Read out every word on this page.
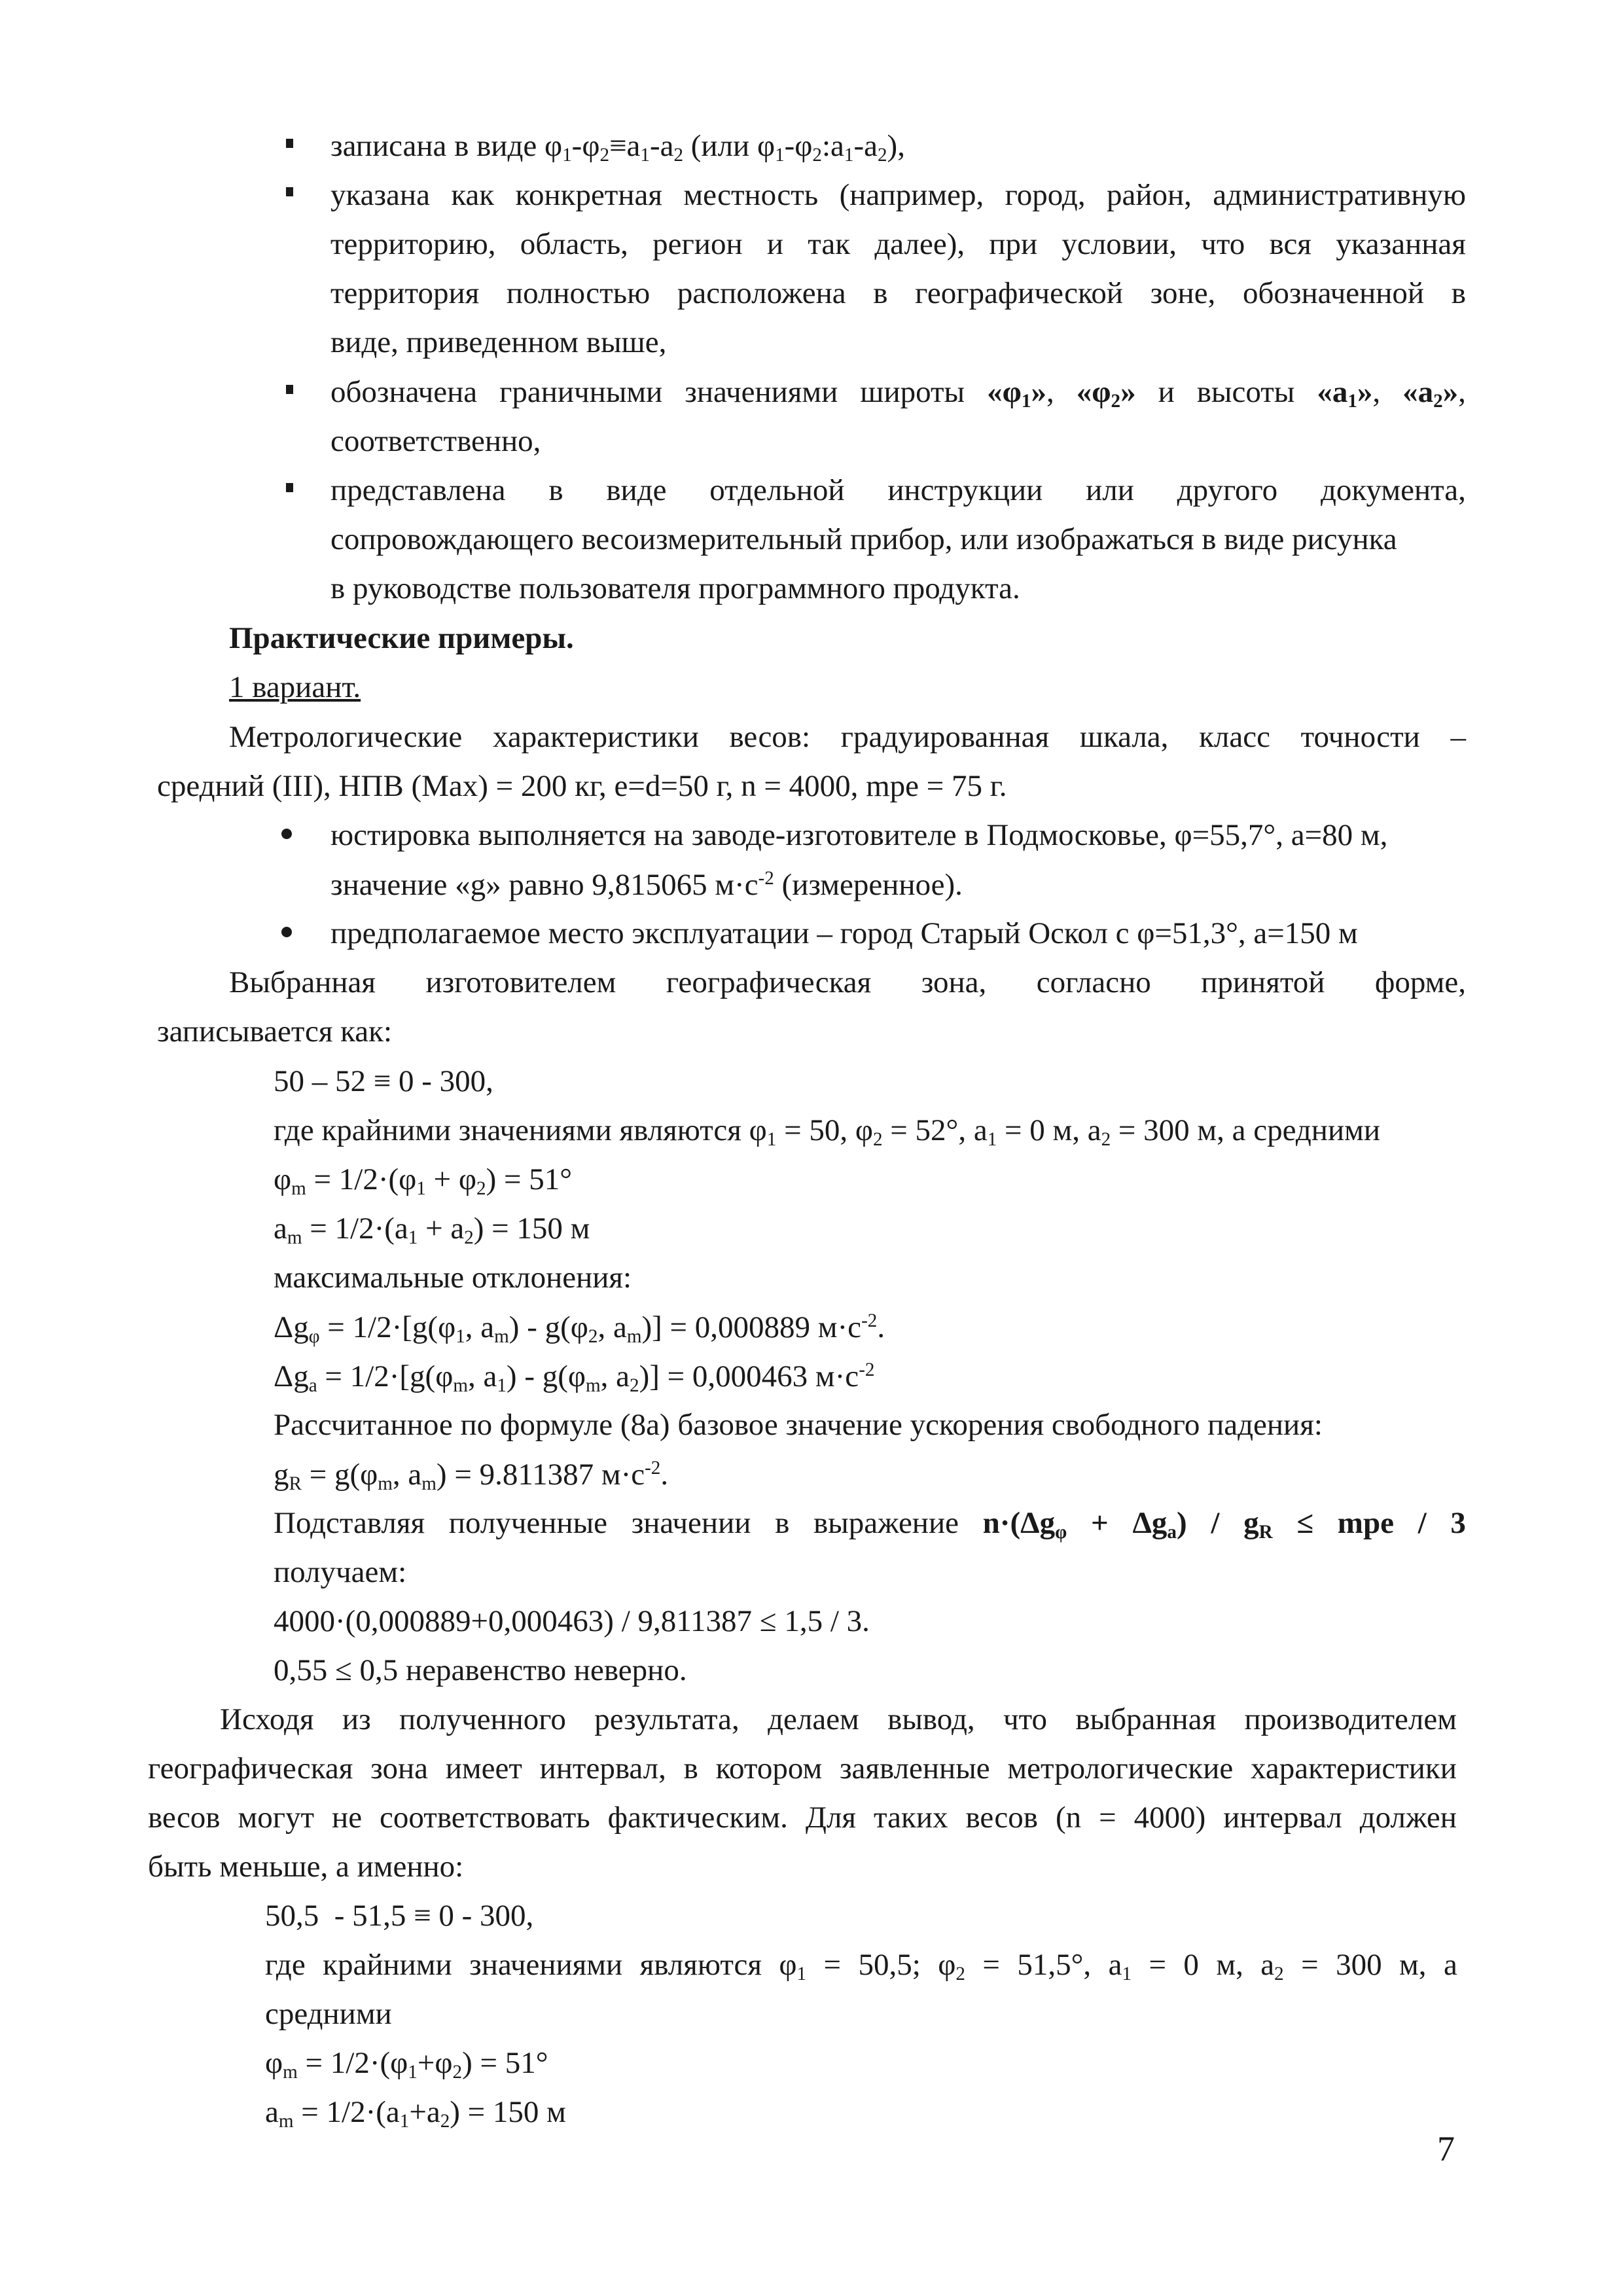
записана в виде $\varphi_1-\varphi_2\equiv a_1-a_2$ (или $\varphi_1-\varphi_2:a_1-a_2$),
указана как конкретная местность (например, город, район, административную
территорию, область, регион и так далее), при условии, что вся указанная
территория полностью расположена в географической зоне, обозначенной в
виде, приведенном выше,
обозначена граничными значениями широты «$\varphi_1$», «$\varphi_2$» и высоты «$a_1$», «$a_2$»,
соответственно,
представлена в виде отдельной инструкции или другого документа,
сопровождающего весоизмерительный прибор, или изображаться в виде рисунка
в руководстве пользователя программного продукта.
Практические примеры.
1 вариант.
Метрологические характеристики весов: градуированная шкала, класс точности –
средний (III), НПВ (Max) = 200 кг, e=d=50 г, n = 4000, mpe = 75 г.
юстировка выполняется на заводе-изготовителе в Подмосковье, φ=55,7°, a=80 м,
значение «g» равно 9,815065 $м\cdot с^{-2}$ (измеренное).
предполагаемое место эксплуатации – город Старый Оскол с φ=51,3°, a=150 м
Выбранная изготовителем географическая зона, согласно принятой форме,
записывается как:
50 – 52 ≡ 0 - 300,
где крайними значениями являются $\varphi_1 = 50$, $\varphi_2 = 52^\circ$, $a_1 = 0$ м, $a_2 = 300$ м, а средними
$\varphi_m = 1/2\cdot(\varphi_1 + \varphi_2) = 51^\circ$
$a_m = 1/2\cdot(a_1 + a_2) = 150$ м
максимальные отклонения:
$\Delta g_\varphi = 1/2\cdot[g(\varphi_1$, $a_m) - g(\varphi_2$, $a_m)] = 0,000889$ $м\cdot с^{-2}$.
$\Delta g_a = 1/2\cdot[g(\varphi_m$, $a_1) - g(\varphi_m$, $a_2)] = 0,000463$ $м\cdot с^{-2}$
Рассчитанное по формуле (8а) базовое значение ускорения свободного падения:
$g_R = g(\varphi_m$, $a_m) = 9.811387$ $м\cdot с^{-2}$.
Подставляя полученные значении в выражение $n\cdot(\Delta g_\varphi + \Delta g_a) / g_R$ ≤ mpe / 3
получаем:
4000·(0,000889+0,000463) / 9,811387 ≤ 1,5 / 3.
0,55 ≤ 0,5 неравенство неверно.
Исходя из полученного результата, делаем вывод, что выбранная производителем
географическая зона имеет интервал, в котором заявленные метрологические характеристики
весов могут не соответствовать фактическим. Для таких весов (n = 4000) интервал должен
быть меньше, а именно:
50,5  - 51,5 ≡ 0 - 300,
где крайними значениями являются $\varphi_1 = 50,5$; $\varphi_2 = 51,5^\circ$, $a_1 = 0$ м, $a_2 = 300$ м, а
средними
$\varphi_m = 1/2\cdot(\varphi_1+\varphi_2) = 51^\circ$
$a_m = 1/2\cdot(a_1+a_2) = 150$ м
7
